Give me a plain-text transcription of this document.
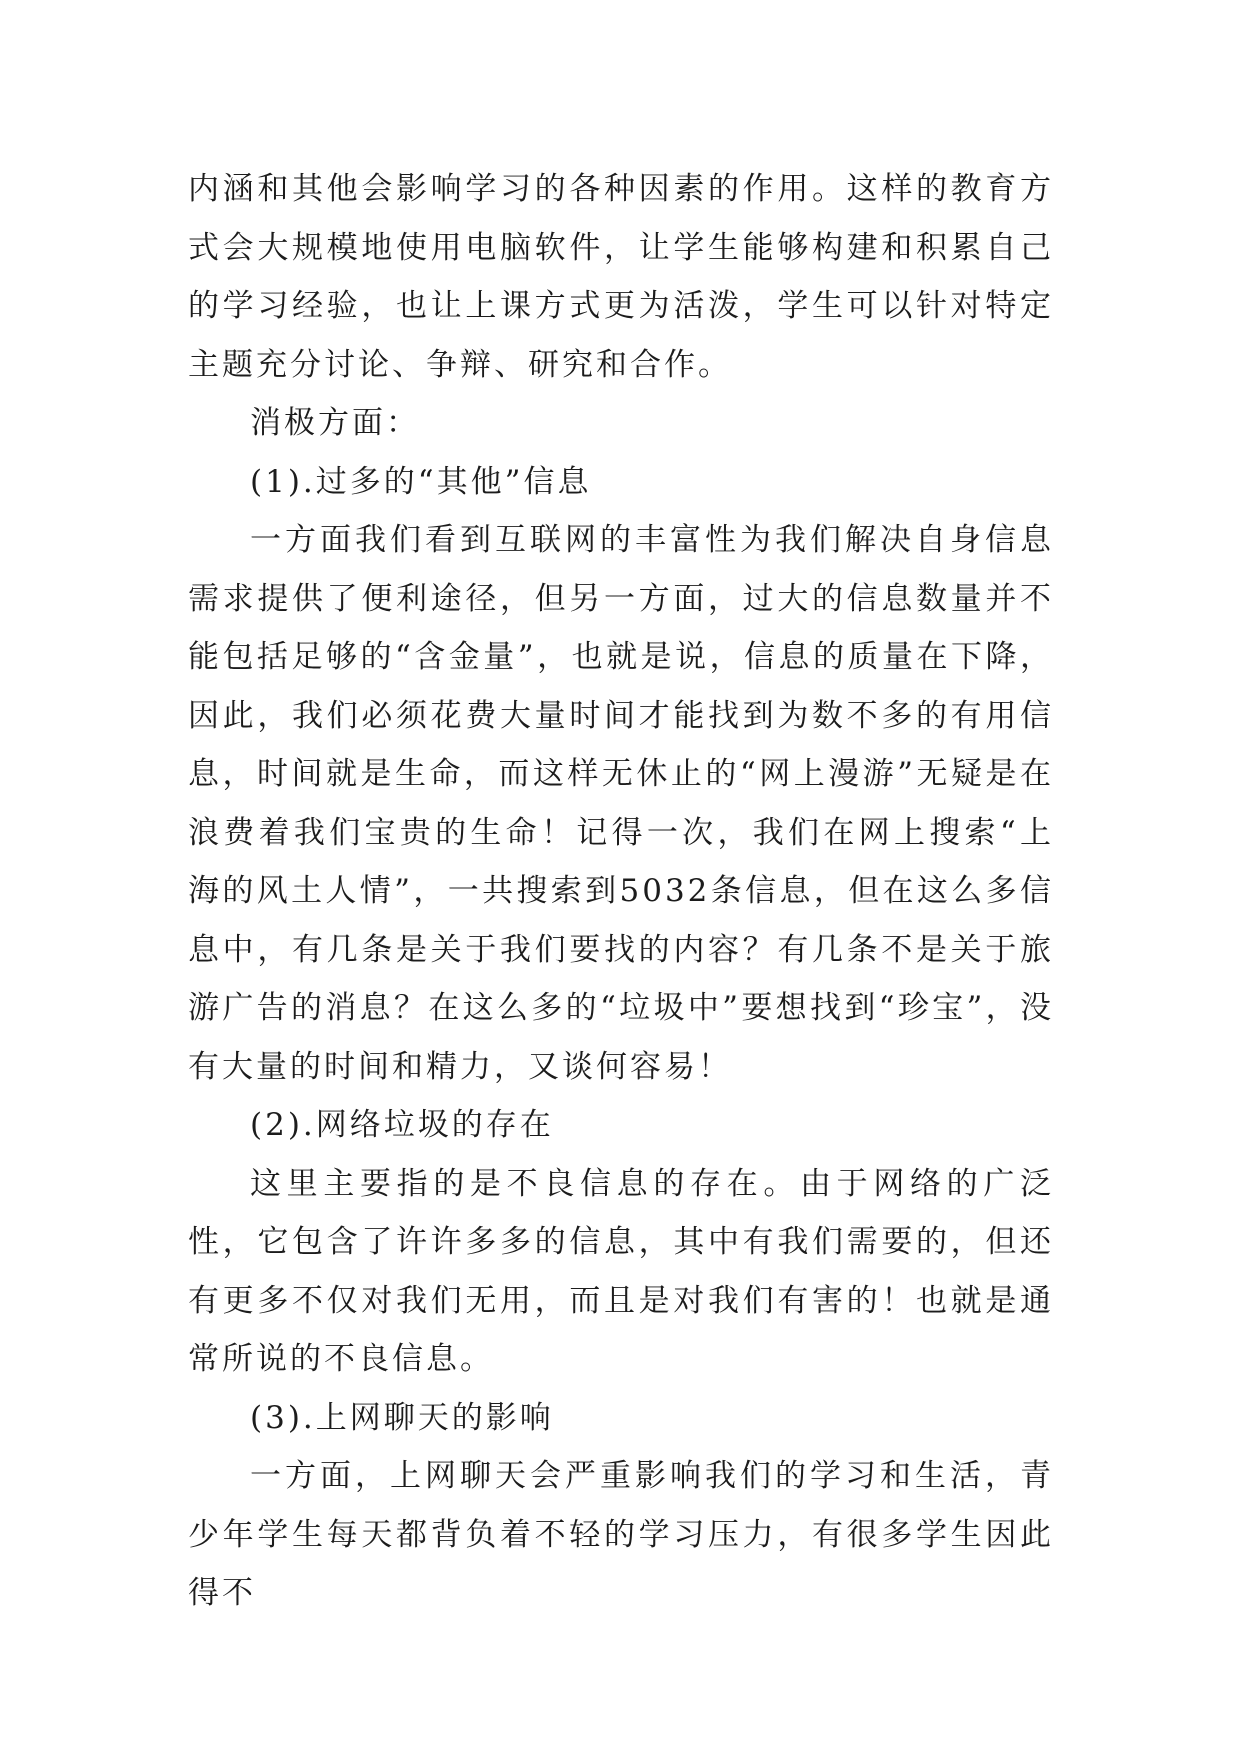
内涵和其他会影响学习的各种因素的作用。这样的教育方式会大规模地使用电脑软件，让学生能够构建和积累自己的学习经验，也让上课方式更为活泼，学生可以针对特定主题充分讨论、争辩、研究和合作。

消极方面：

(1).过多的“其他”信息

一方面我们看到互联网的丰富性为我们解决自身信息需求提供了便利途径，但另一方面，过大的信息数量并不能包括足够的“含金量”，也就是说，信息的质量在下降，因此，我们必须花费大量时间才能找到为数不多的有用信息，时间就是生命，而这样无休止的“网上漫游”无疑是在浪费着我们宝贵的生命！记得一次，我们在网上搜索“上海的风土人情”，一共搜索到5032条信息，但在这么多信息中，有几条是关于我们要找的内容？有几条不是关于旅游广告的消息？在这么多的“垃圾中”要想找到“珍宝”，没有大量的时间和精力，又谈何容易！

(2).网络垃圾的存在

这里主要指的是不良信息的存在。由于网络的广泛性，它包含了许许多多的信息，其中有我们需要的，但还有更多不仅对我们无用，而且是对我们有害的！也就是通常所说的不良信息。

(3).上网聊天的影响

一方面，上网聊天会严重影响我们的学习和生活，青少年学生每天都背负着不轻的学习压力，有很多学生因此得不
